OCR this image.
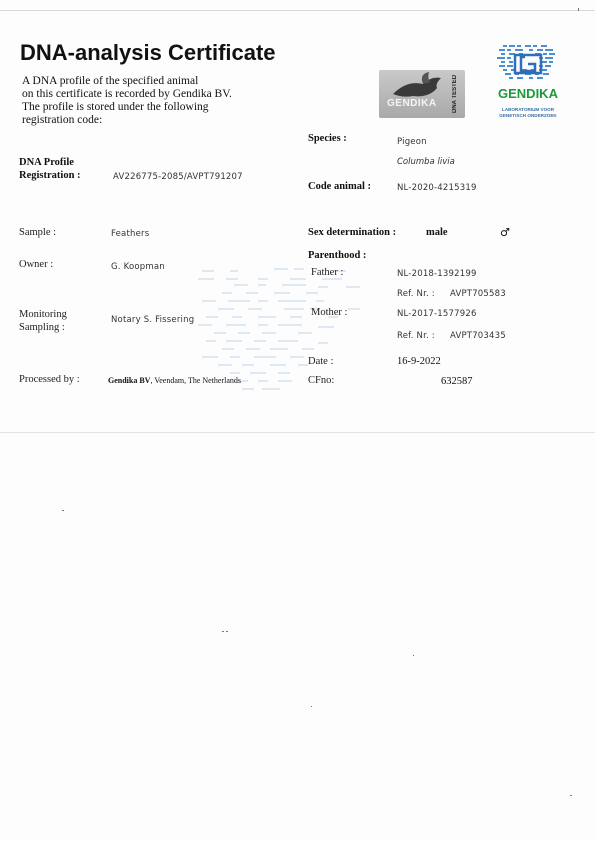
DNA-analysis Certificate
A DNA profile of the specified animal
on this certificate is recorded by Gendika BV.
The profile is stored under the following
registration code:
GENDIKA	DNA TESTED	GENDIKA
LABORATORIUM VOOR
GENETISCH ONDERZOEK
DNA Profile
Registration :	AV226775-2085/AVPT791207
Sample :	Feathers
Owner :	G. Koopman
Monitoring
Sampling :
Notary S. Fissering
Processed by :	Gendika BV, Veendam, The Netherlands
Species :	Pigeon
Columba livia
Code animal :	NL-2020-4215319
Sex determination :	male	♂
Parenthood :
Father :	NL-2018-1392199
Ref. Nr. : AVPT705583
Mother :	NL-2017-1577926
Ref. Nr. : AVPT703435
Date :	16-9-2022
CFno:	632587
